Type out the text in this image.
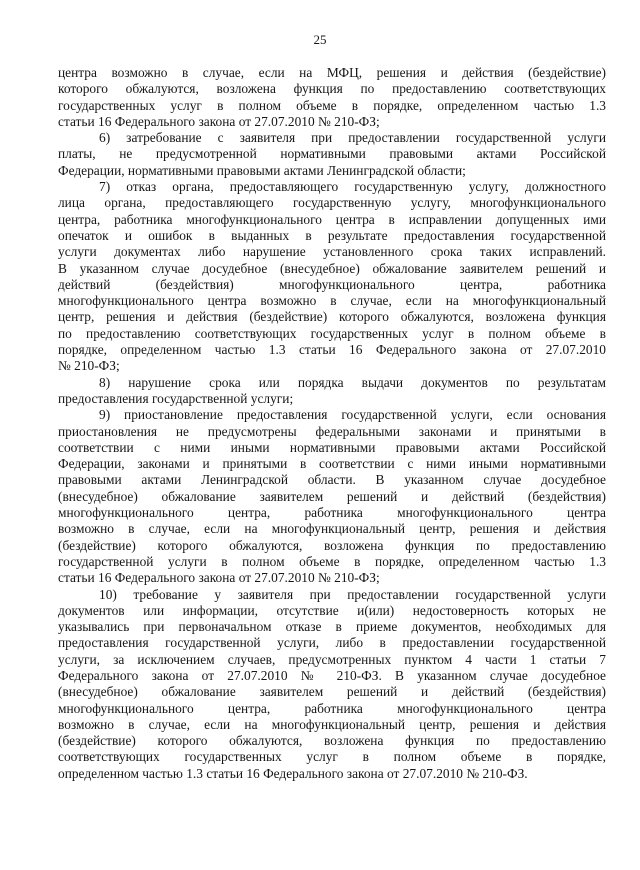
25
центра возможно в случае, если на МФЦ, решения и действия (бездействие)
которого обжалуются, возложена функция по предоставлению соответствующих
государственных услуг в полном объеме в порядке, определенном частью 1.3
статьи 16 Федерального закона от 27.07.2010 № 210-ФЗ;
6) затребование с заявителя при предоставлении государственной услуги
платы, не предусмотренной нормативными правовыми актами Российской
Федерации, нормативными правовыми актами Ленинградской области;
7) отказ органа, предоставляющего государственную услугу, должностного
лица органа, предоставляющего государственную услугу, многофункционального
центра, работника многофункционального центра в исправлении допущенных ими
опечаток и ошибок в выданных в результате предоставления государственной
услуги документах либо нарушение установленного срока таких исправлений.
В указанном случае досудебное (внесудебное) обжалование заявителем решений и
действий (бездействия) многофункционального центра, работника
многофункционального центра возможно в случае, если на многофункциональный
центр, решения и действия (бездействие) которого обжалуются, возложена функция
по предоставлению соответствующих государственных услуг в полном объеме в
порядке, определенном частью 1.3 статьи 16 Федерального закона от 27.07.2010
№ 210-ФЗ;
8) нарушение срока или порядка выдачи документов по результатам
предоставления государственной услуги;
9) приостановление предоставления государственной услуги, если основания
приостановления не предусмотрены федеральными законами и принятыми в
соответствии с ними иными нормативными правовыми актами Российской
Федерации, законами и принятыми в соответствии с ними иными нормативными
правовыми актами Ленинградской области. В указанном случае досудебное
(внесудебное) обжалование заявителем решений и действий (бездействия)
многофункционального центра, работника многофункционального центра
возможно в случае, если на многофункциональный центр, решения и действия
(бездействие) которого обжалуются, возложена функция по предоставлению
государственной услуги в полном объеме в порядке, определенном частью 1.3
статьи 16 Федерального закона от 27.07.2010 № 210-ФЗ;
10) требование у заявителя при предоставлении государственной услуги
документов или информации, отсутствие и(или) недостоверность которых не
указывались при первоначальном отказе в приеме документов, необходимых для
предоставления государственной услуги, либо в предоставлении государственной
услуги, за исключением случаев, предусмотренных пунктом 4 части 1 статьи 7
Федерального закона от 27.07.2010 № 210-ФЗ. В указанном случае досудебное
(внесудебное) обжалование заявителем решений и действий (бездействия)
многофункционального центра, работника многофункционального центра
возможно в случае, если на многофункциональный центр, решения и действия
(бездействие) которого обжалуются, возложена функция по предоставлению
соответствующих государственных услуг в полном объеме в порядке,
определенном частью 1.3 статьи 16 Федерального закона от 27.07.2010 № 210-ФЗ.
